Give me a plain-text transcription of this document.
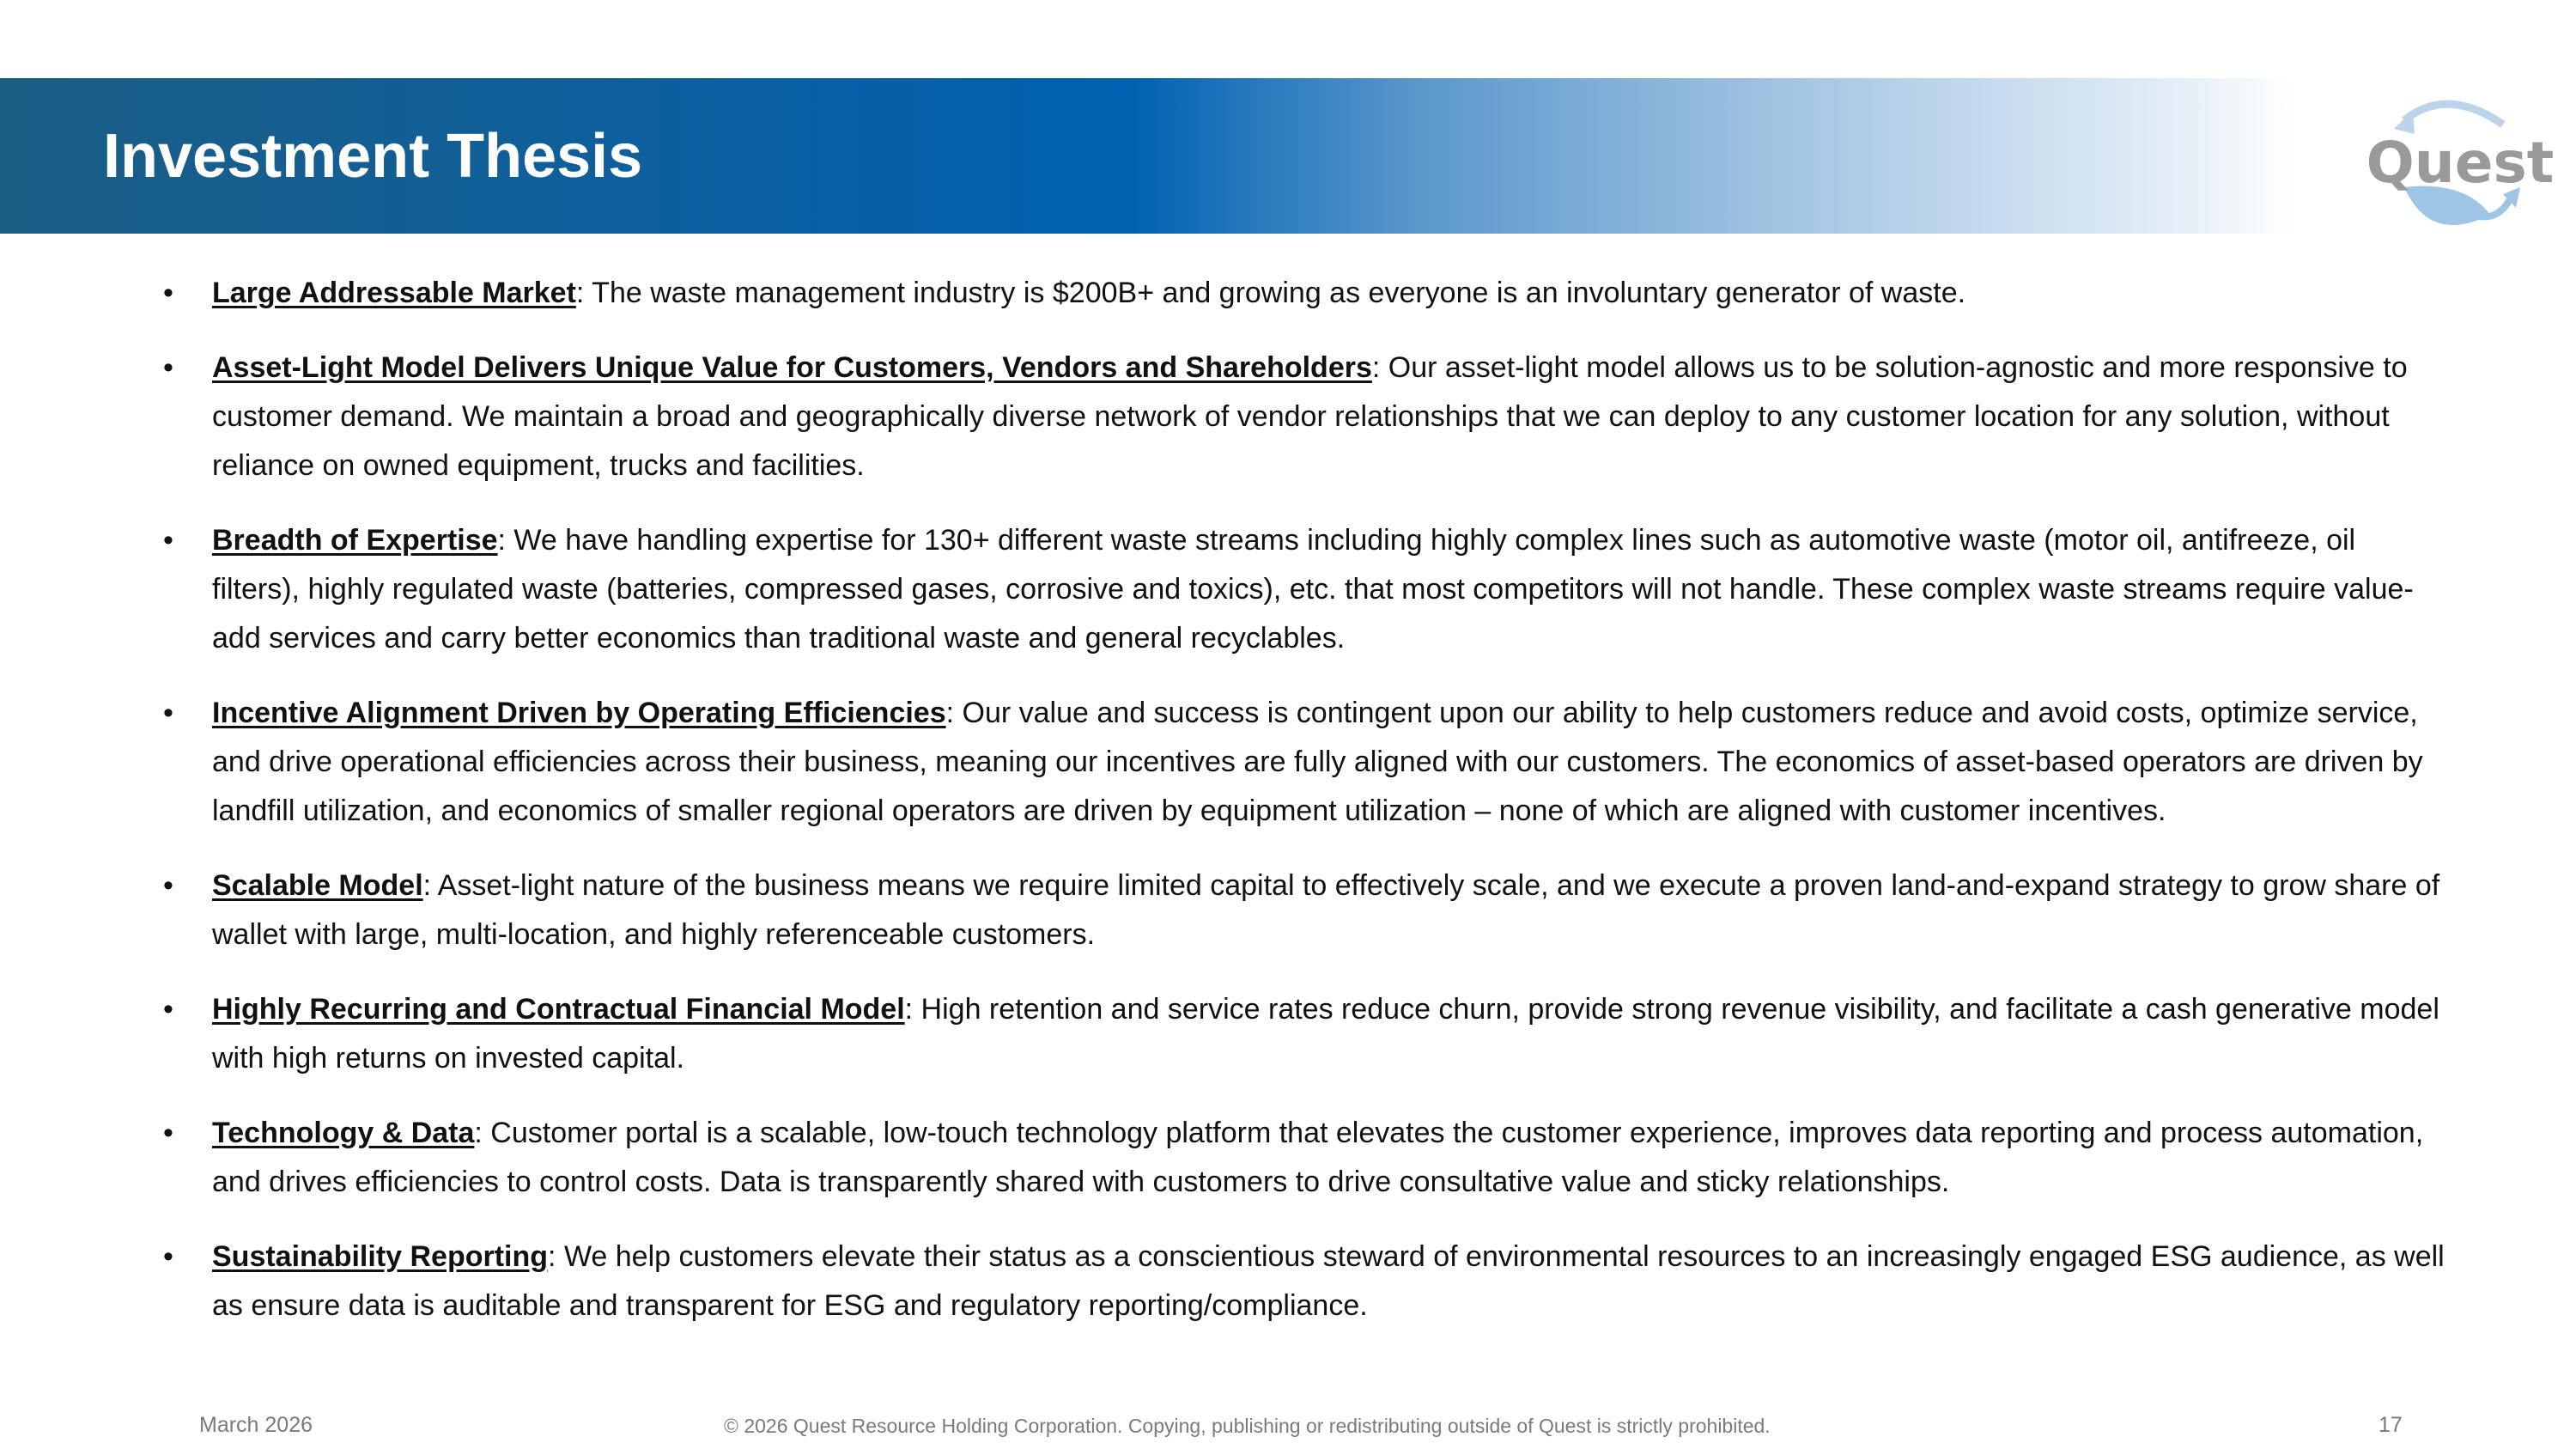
Investment Thesis	Quest
• Large Addressable Market: The waste management industry is $200B+ and growing as everyone is an involuntary generator of waste.
• Asset-Light Model Delivers Unique Value for Customers, Vendors and Shareholders: Our asset-light model allows us to be solution-agnostic and more responsive to customer demand. We maintain a broad and geographically diverse network of vendor relationships that we can deploy to any customer location for any solution, without reliance on owned equipment, trucks and facilities.
• Breadth of Expertise: We have handling expertise for 130+ different waste streams including highly complex lines such as automotive waste (motor oil, antifreeze, oil filters), highly regulated waste (batteries, compressed gases, corrosive and toxics), etc. that most competitors will not handle. These complex waste streams require value-add services and carry better economics than traditional waste and general recyclables.
• Incentive Alignment Driven by Operating Efficiencies: Our value and success is contingent upon our ability to help customers reduce and avoid costs, optimize service, and drive operational efficiencies across their business, meaning our incentives are fully aligned with our customers. The economics of asset-based operators are driven by landfill utilization, and economics of smaller regional operators are driven by equipment utilization – none of which are aligned with customer incentives.
• Scalable Model: Asset-light nature of the business means we require limited capital to effectively scale, and we execute a proven land-and-expand strategy to grow share of wallet with large, multi-location, and highly referenceable customers.
• Highly Recurring and Contractual Financial Model: High retention and service rates reduce churn, provide strong revenue visibility, and facilitate a cash generative model with high returns on invested capital.
• Technology & Data: Customer portal is a scalable, low-touch technology platform that elevates the customer experience, improves data reporting and process automation, and drives efficiencies to control costs. Data is transparently shared with customers to drive consultative value and sticky relationships.
• Sustainability Reporting: We help customers elevate their status as a conscientious steward of environmental resources to an increasingly engaged ESG audience, as well as ensure data is auditable and transparent for ESG and regulatory reporting/compliance.
March 2026	© 2026 Quest Resource Holding Corporation. Copying, publishing or redistributing outside of Quest is strictly prohibited.	17
